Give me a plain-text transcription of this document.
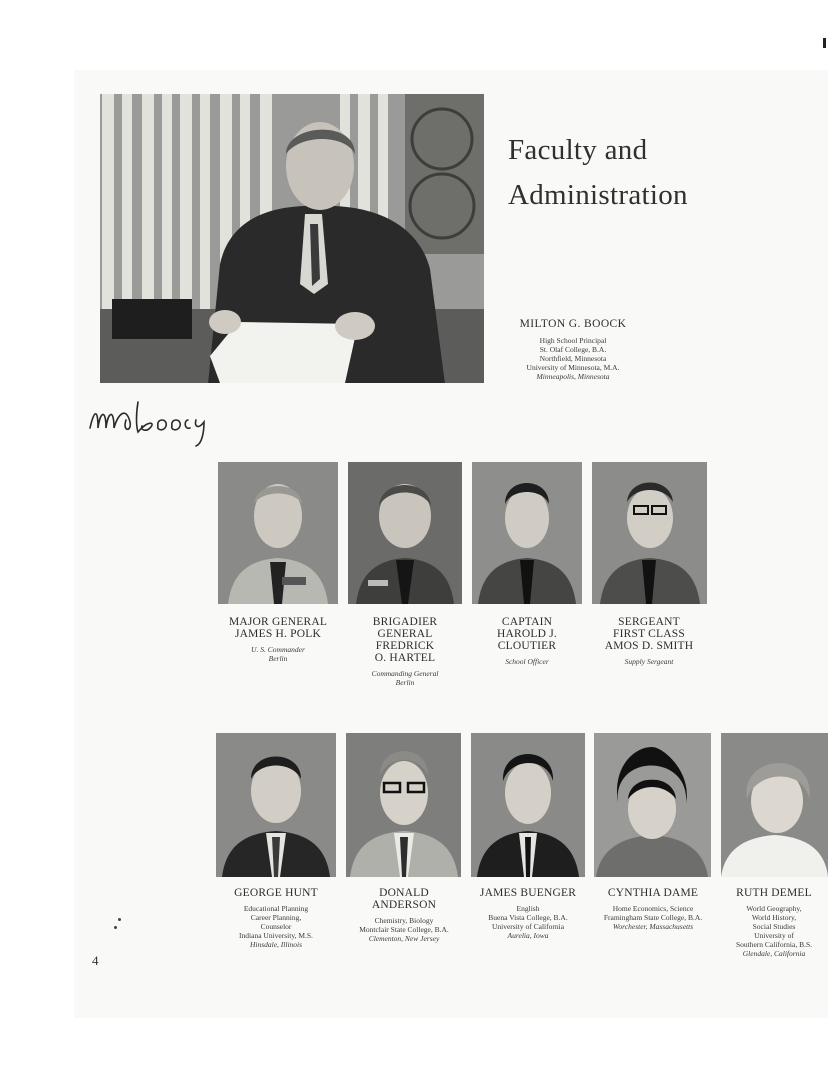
Faculty and
Administration
MILTON G. BOOCK
High School Principal
St. Olaf College, B.A.
Northfield, Minnesota
University of Minnesota, M.A.
Minneapolis, Minnesota
MAJOR GENERAL
JAMES H. POLK
U. S. Commander
Berlin
BRIGADIER
GENERAL
FREDRICK
O. HARTEL
Commanding General
Berlin
CAPTAIN
HAROLD J.
CLOUTIER
School Officer
SERGEANT
FIRST CLASS
AMOS D. SMITH
Supply Sergeant
GEORGE HUNT
Educational Planning
Career Planning,
Counselor
Indiana University, M.S.
Hinsdale, Illinois
DONALD
ANDERSON
Chemistry, Biology
Montclair State College, B.A.
Clementon, New Jersey
JAMES BUENGER
English
Buena Vista College, B.A.
University of California
Aurelia, Iowa
CYNTHIA DAME
Home Economics, Science
Framingham State College, B.A.
Worchester, Massachusetts
RUTH DEMEL
World Geography,
World History,
Social Studies
University of
Southern California, B.S.
Glendale, California
4
